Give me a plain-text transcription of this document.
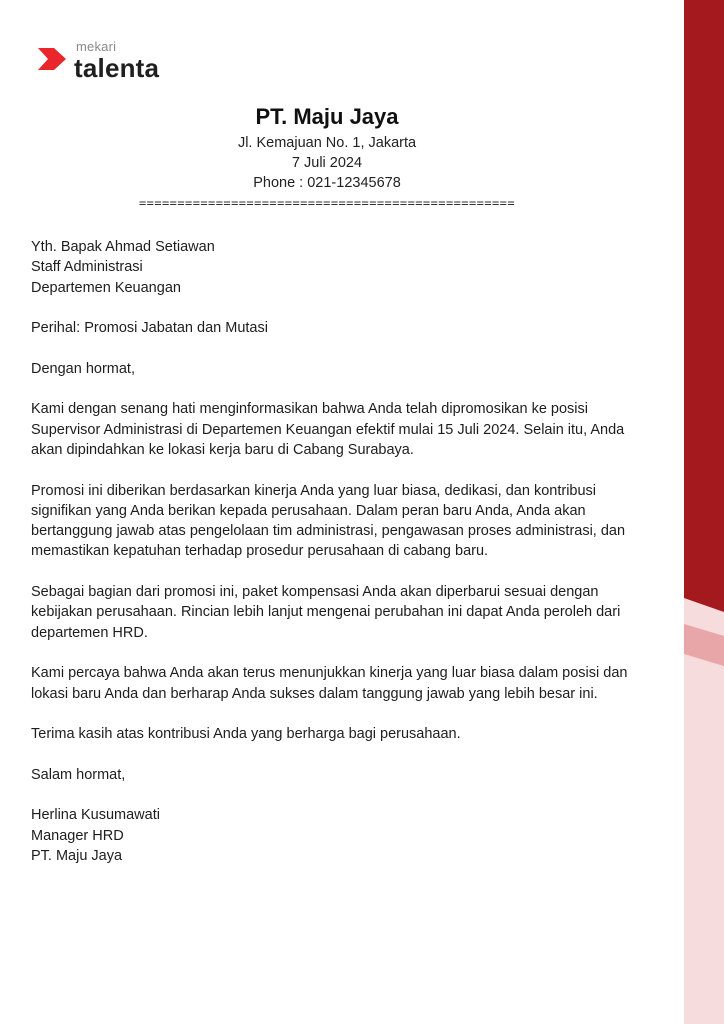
mekari
talenta
PT. Maju Jaya
Jl. Kemajuan No. 1, Jakarta
7 Juli 2024
Phone : 021-12345678
=================================================
Yth. Bapak Ahmad Setiawan
Staff Administrasi
Departemen Keuangan

Perihal: Promosi Jabatan dan Mutasi

Dengan hormat,

Kami dengan senang hati menginformasikan bahwa Anda telah dipromosikan ke posisi Supervisor Administrasi di Departemen Keuangan efektif mulai 15 Juli 2024. Selain itu, Anda akan dipindahkan ke lokasi kerja baru di Cabang Surabaya.

Promosi ini diberikan berdasarkan kinerja Anda yang luar biasa, dedikasi, dan kontribusi signifikan yang Anda berikan kepada perusahaan. Dalam peran baru Anda, Anda akan bertanggung jawab atas pengelolaan tim administrasi, pengawasan proses administrasi, dan memastikan kepatuhan terhadap prosedur perusahaan di cabang baru.

Sebagai bagian dari promosi ini, paket kompensasi Anda akan diperbarui sesuai dengan kebijakan perusahaan. Rincian lebih lanjut mengenai perubahan ini dapat Anda peroleh dari departemen HRD.

Kami percaya bahwa Anda akan terus menunjukkan kinerja yang luar biasa dalam posisi dan lokasi baru Anda dan berharap Anda sukses dalam tanggung jawab yang lebih besar ini.

Terima kasih atas kontribusi Anda yang berharga bagi perusahaan.

Salam hormat,

Herlina Kusumawati
Manager HRD
PT. Maju Jaya
